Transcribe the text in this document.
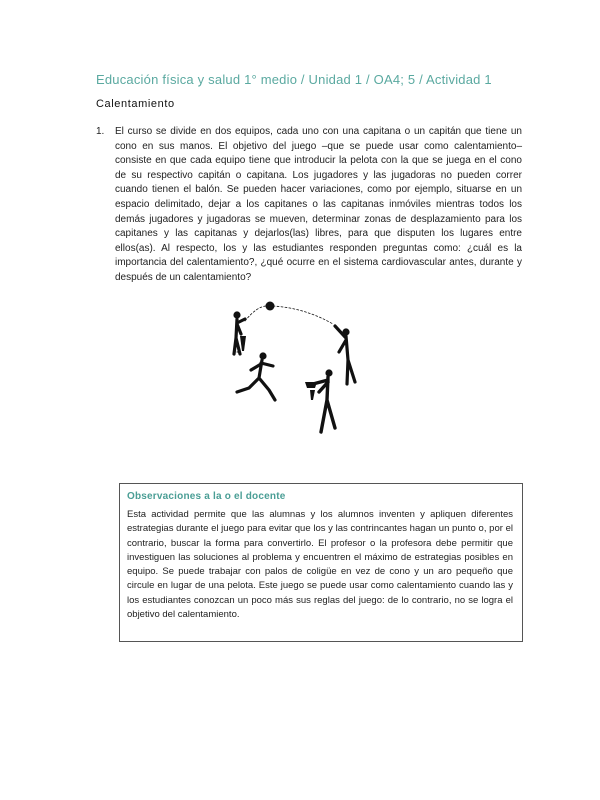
Educación física y salud 1° medio / Unidad 1 / OA4; 5 / Actividad 1
Calentamiento
1.	El curso se divide en dos equipos, cada uno con una capitana o un capitán que tiene un cono en sus manos. El objetivo del juego –que se puede usar como calentamiento– consiste en que cada equipo tiene que introducir la pelota con la que se juega en el cono de su respectivo capitán o capitana. Los jugadores y las jugadoras no pueden correr cuando tienen el balón. Se pueden hacer variaciones, como por ejemplo, situarse en un espacio delimitado, dejar a los capitanes o las capitanas inmóviles mientras todos los demás jugadores y jugadoras se mueven, determinar zonas de desplazamiento para los capitanes y las capitanas y dejarlos(las) libres, para que disputen los lugares entre ellos(as). Al respecto, los y las estudiantes responden preguntas como: ¿cuál es la importancia del calentamiento?, ¿qué ocurre en el sistema cardiovascular antes, durante y después de un calentamiento?
Observaciones a la o el docente
Esta actividad permite que las alumnas y los alumnos inventen y apliquen diferentes estrategias durante el juego para evitar que los y las contrincantes hagan un punto o, por el contrario, buscar la forma para convertirlo. El profesor o la profesora debe permitir que investiguen las soluciones al problema y encuentren el máximo de estrategias posibles en equipo. Se puede trabajar con palos de coligüe en vez de cono y un aro pequeño que circule en lugar de una pelota. Este juego se puede usar como calentamiento cuando las y los estudiantes conozcan un poco más sus reglas del juego: de lo contrario, no se logra el objetivo del calentamiento.
